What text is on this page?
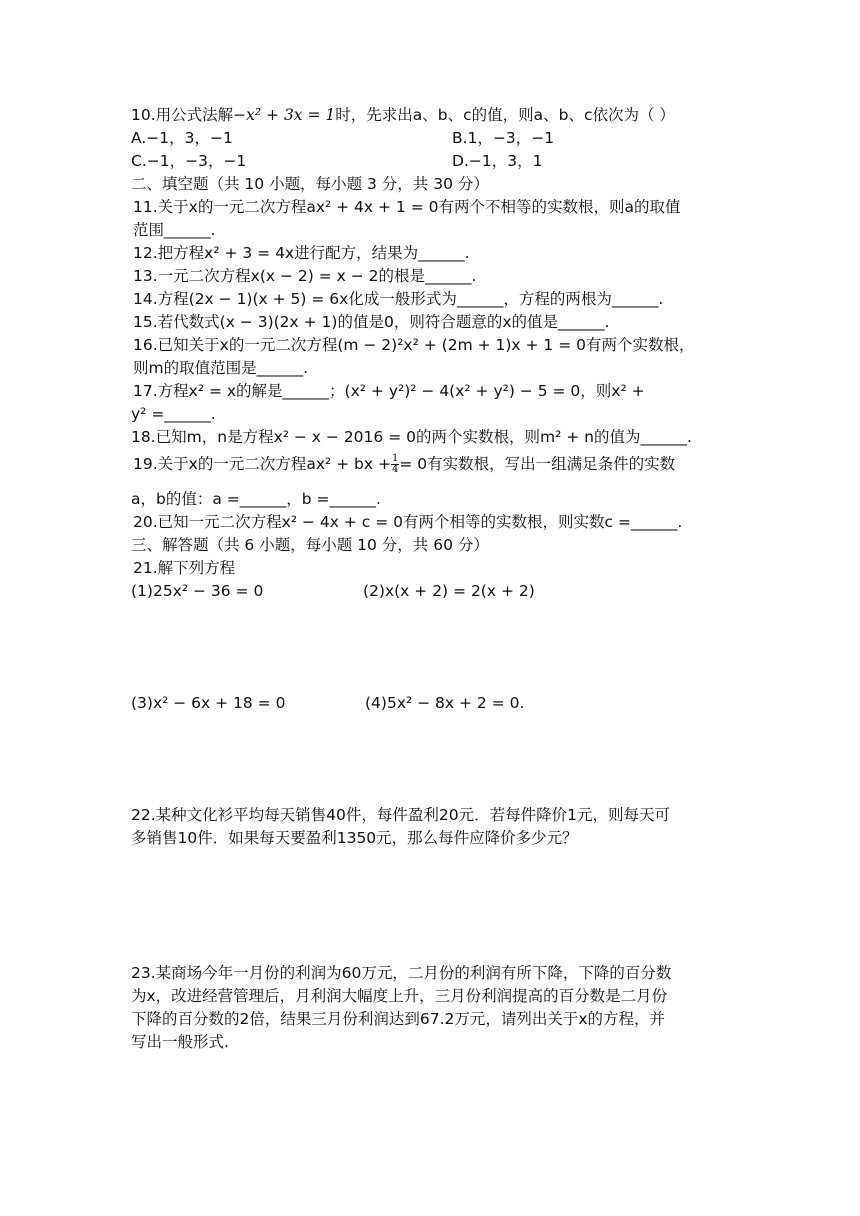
10.用公式法解−x² + 3x = 1时，先求出a、b、c的值，则a、b、c依次为（ ）
A.−1，3，−1	B.1，−3，−1
C.−1，−3，−1	D.−1，3，1
二、填空题（共 10 小题，每小题 3 分，共 30 分）
11.关于x的一元二次方程ax² + 4x + 1 = 0有两个不相等的实数根，则a的取值
范围______.
12.把方程x² + 3 = 4x进行配方，结果为______.
13.一元二次方程x(x − 2) = x − 2的根是______.
14.方程(2x − 1)(x + 5) = 6x化成一般形式为______，方程的两根为______.
15.若代数式(x − 3)(2x + 1)的值是0，则符合题意的x的值是______.
16.已知关于x的一元二次方程(m − 2)²x² + (2m + 1)x + 1 = 0有两个实数根，
则m的取值范围是______.
17.方程x² = x的解是______；(x² + y²)² − 4(x² + y²) − 5 = 0，则x² +
y² =______.
18.已知m，n是方程x² − x − 2016 = 0的两个实数根，则m² + n的值为______.
19.关于x的一元二次方程ax² + bx + $\frac{1}{4} = 0$有实数根，写出一组满足条件的实数
a，b的值：a =______，b =______.
20.已知一元二次方程x² − 4x + c = 0有两个相等的实数根，则实数c =______.
三、解答题（共 6 小题，每小题 10 分，共 60 分）
21.解下列方程
(1)25x² − 36 = 0	(2)x(x + 2) = 2(x + 2)
(3)x² − 6x + 18 = 0	(4)5x² − 8x + 2 = 0.
22.某种文化衫平均每天销售40件，每件盈利20元．若每件降价1元，则每天可
多销售10件．如果每天要盈利1350元，那么每件应降价多少元？
23.某商场今年一月份的利润为60万元，二月份的利润有所下降，下降的百分数
为x，改进经营管理后，月利润大幅度上升，三月份利润提高的百分数是二月份
下降的百分数的2倍，结果三月份利润达到67.2万元，请列出关于x的方程，并
写出一般形式.
